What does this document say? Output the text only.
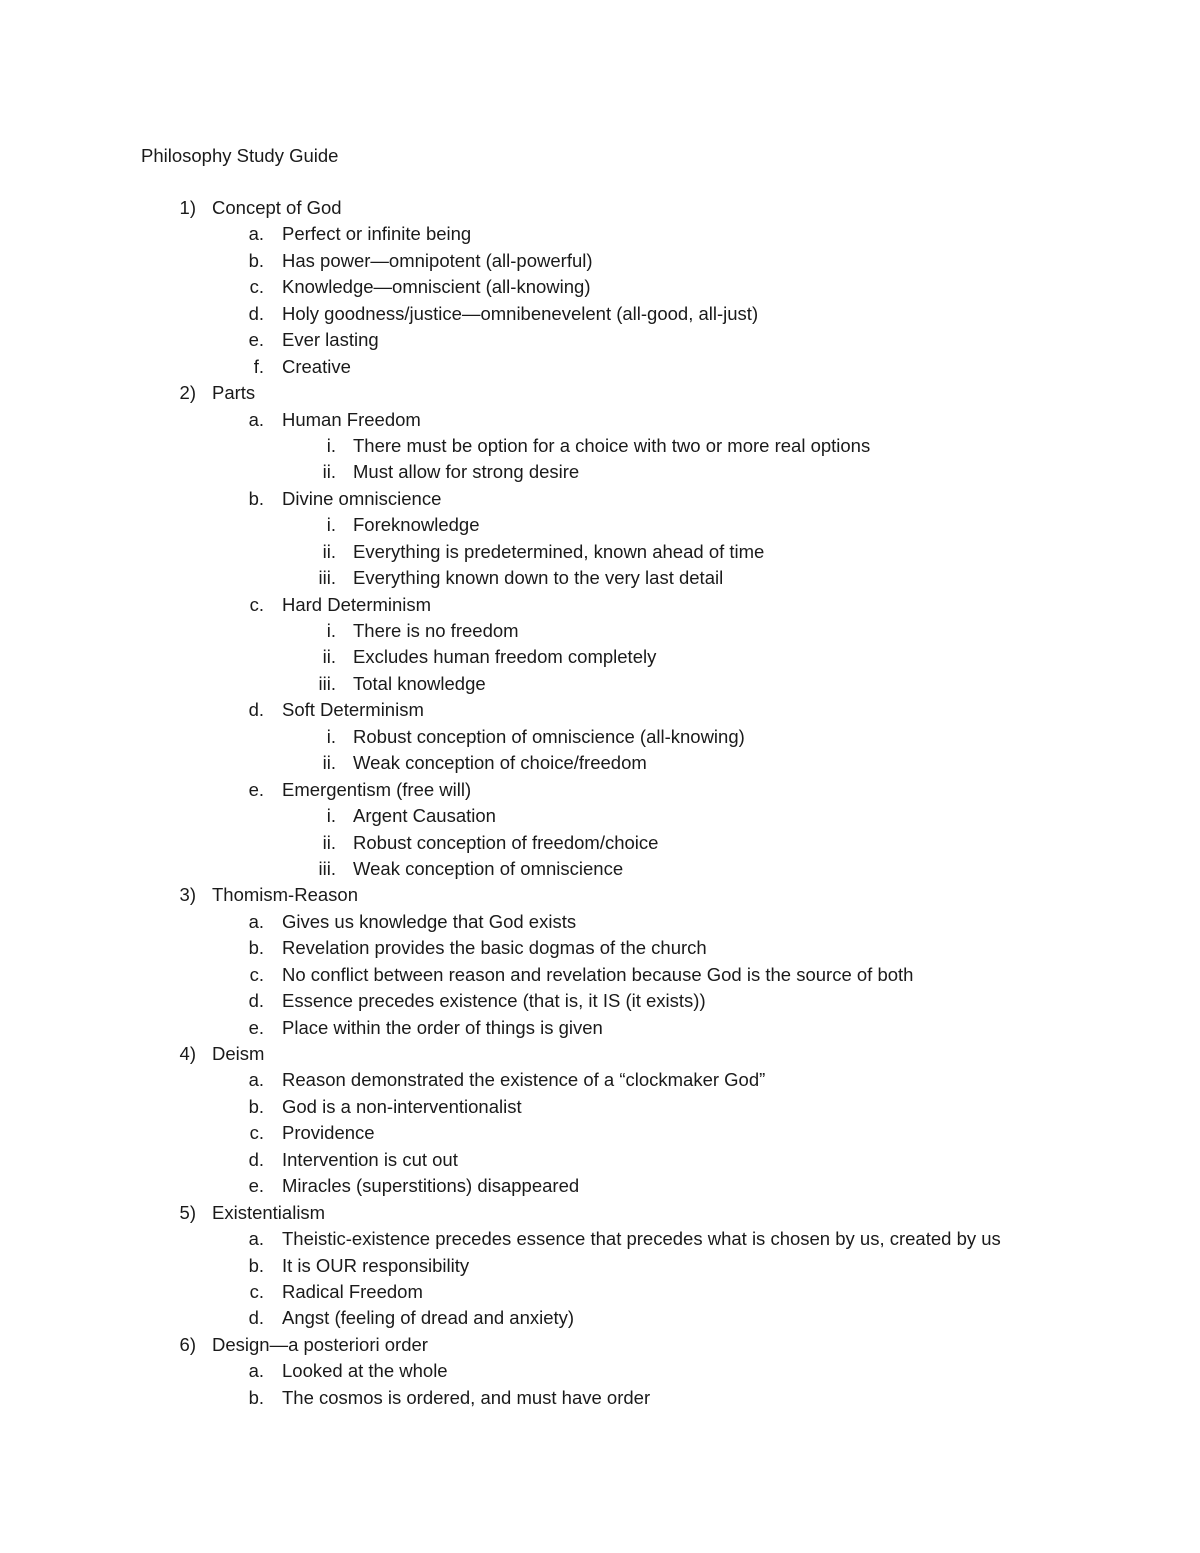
Philosophy Study Guide
1) Concept of God
a. Perfect or infinite being
b. Has power—omnipotent (all-powerful)
c. Knowledge—omniscient (all-knowing)
d. Holy goodness/justice—omnibenevelent (all-good, all-just)
e. Ever lasting
f. Creative
2) Parts
a. Human Freedom
i. There must be option for a choice with two or more real options
ii. Must allow for strong desire
b. Divine omniscience
i. Foreknowledge
ii. Everything is predetermined, known ahead of time
iii. Everything known down to the very last detail
c. Hard Determinism
i. There is no freedom
ii. Excludes human freedom completely
iii. Total knowledge
d. Soft Determinism
i. Robust conception of omniscience (all-knowing)
ii. Weak conception of choice/freedom
e. Emergentism (free will)
i. Argent Causation
ii. Robust conception of freedom/choice
iii. Weak conception of omniscience
3) Thomism-Reason
a. Gives us knowledge that God exists
b. Revelation provides the basic dogmas of the church
c. No conflict between reason and revelation because God is the source of both
d. Essence precedes existence (that is, it IS (it exists))
e. Place within the order of things is given
4) Deism
a. Reason demonstrated the existence of a “clockmaker God”
b. God is a non-interventionalist
c. Providence
d. Intervention is cut out
e. Miracles (superstitions) disappeared
5) Existentialism
a. Theistic-existence precedes essence that precedes what is chosen by us, created by us
b. It is OUR responsibility
c. Radical Freedom
d. Angst (feeling of dread and anxiety)
6) Design—a posteriori order
a. Looked at the whole
b. The cosmos is ordered, and must have order
